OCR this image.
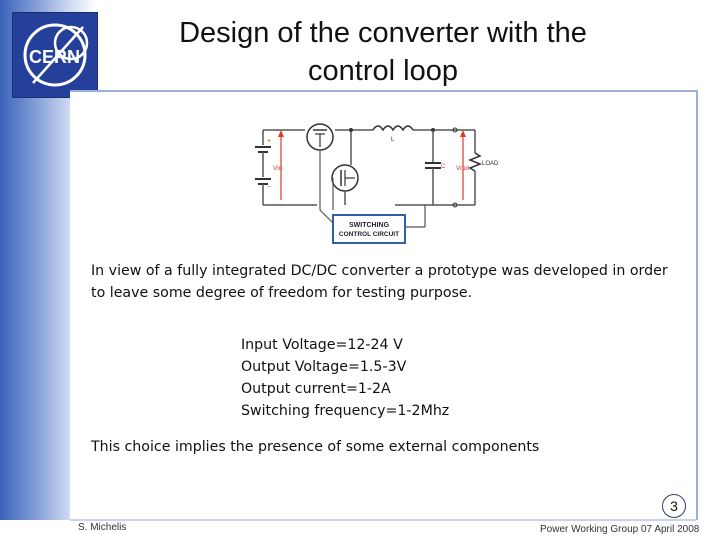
CERN
Design of the converter with the control loop
+
−
Vin
L
C Vout
LOAD
SWITCHING
CONTROL CIRCUIT
In view of a fully integrated DC/DC converter a prototype was developed in order to leave some degree of freedom for testing purpose.
Input Voltage=12-24 V
Output Voltage=1.5-3V
Output current=1-2A
Switching frequency=1-2Mhz
This choice implies the presence of some external components
3
S. Michelis	Power Working Group 07 April 2008
